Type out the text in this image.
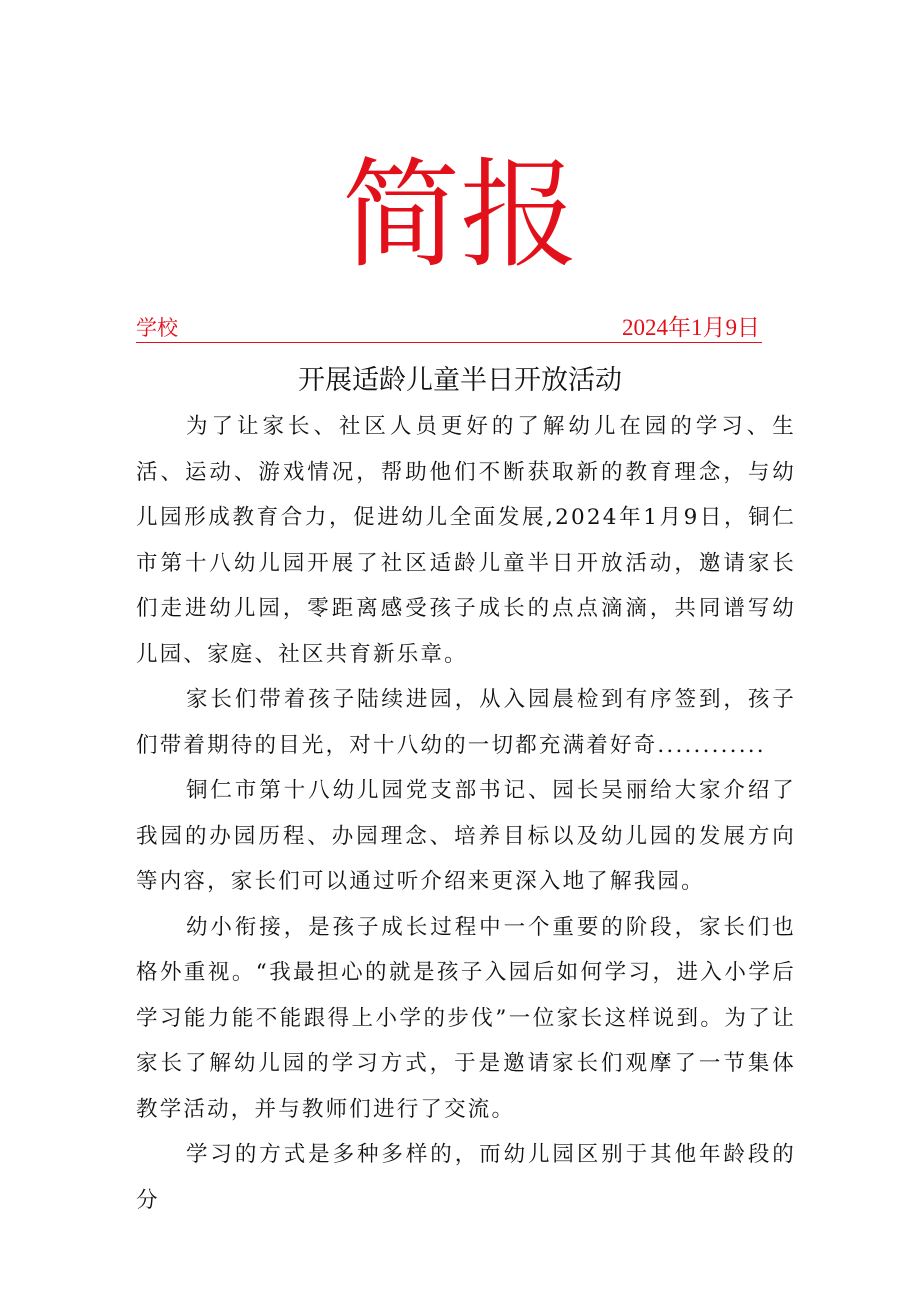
简报
学校	2024年1月9日
开展适龄儿童半日开放活动

为了让家长、社区人员更好的了解幼儿在园的学习、生活、运动、游戏情况，帮助他们不断获取新的教育理念，与幼儿园形成教育合力，促进幼儿全面发展,2024年1月9日，铜仁市第十八幼儿园开展了社区适龄儿童半日开放活动，邀请家长们走进幼儿园，零距离感受孩子成长的点点滴滴，共同谱写幼儿园、家庭、社区共育新乐章。

家长们带着孩子陆续进园，从入园晨检到有序签到，孩子们带着期待的目光，对十八幼的一切都充满着好奇............

铜仁市第十八幼儿园党支部书记、园长吴丽给大家介绍了我园的办园历程、办园理念、培养目标以及幼儿园的发展方向等内容，家长们可以通过听介绍来更深入地了解我园。

幼小衔接，是孩子成长过程中一个重要的阶段，家长们也格外重视。“我最担心的就是孩子入园后如何学习，进入小学后学习能力能不能跟得上小学的步伐”一位家长这样说到。为了让家长了解幼儿园的学习方式，于是邀请家长们观摩了一节集体教学活动，并与教师们进行了交流。

学习的方式是多种多样的，而幼儿园区别于其他年龄段的分
